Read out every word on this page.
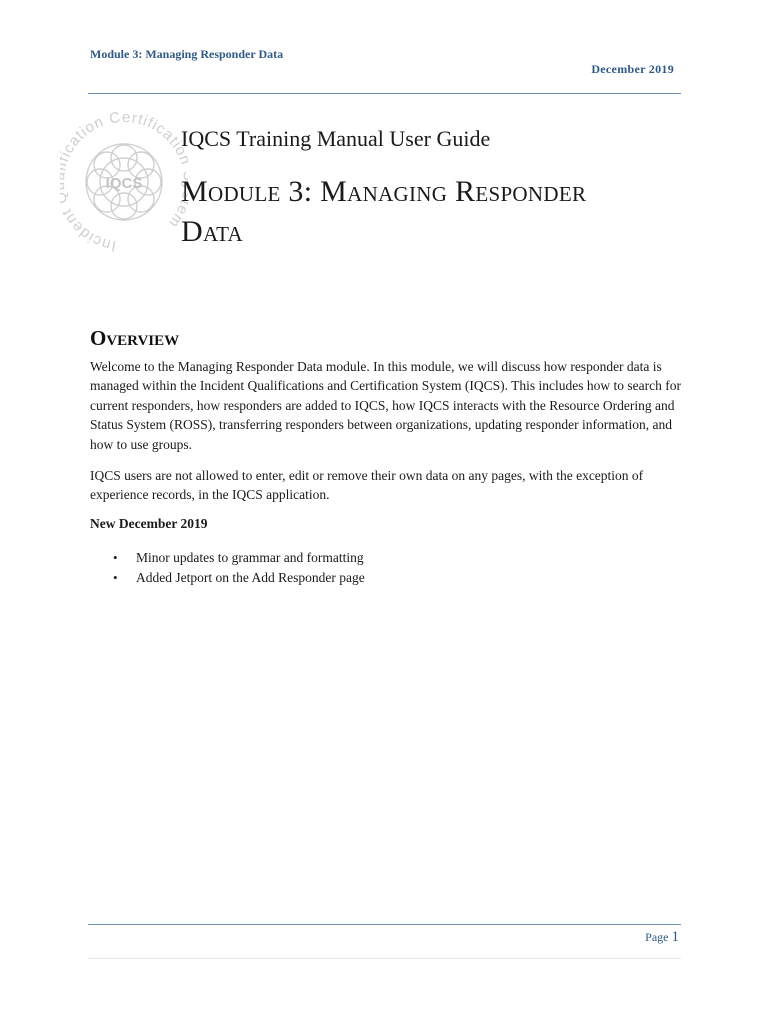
Module 3: Managing Responder Data
December 2019
Inciden cation Certificati m
IQCS
IQCS Training Manual User Guide
Module 3: Managing Responder
Data
Overview
Welcome to the Managing Responder Data module. In this module, we will discuss how responder data is managed within the Incident Qualifications and Certification System (IQCS). This includes how to search for current responders, how responders are added to IQCS, how IQCS interacts with the Resource Ordering and Status System (ROSS), transferring responders between organizations, updating responder information, and how to use groups.
IQCS users are not allowed to enter, edit or remove their own data on any pages, with the exception of experience records, in the IQCS application.
New December 2019
• Minor updates to grammar and formatting
• Added Jetport on the Add Responder page
Page 1
